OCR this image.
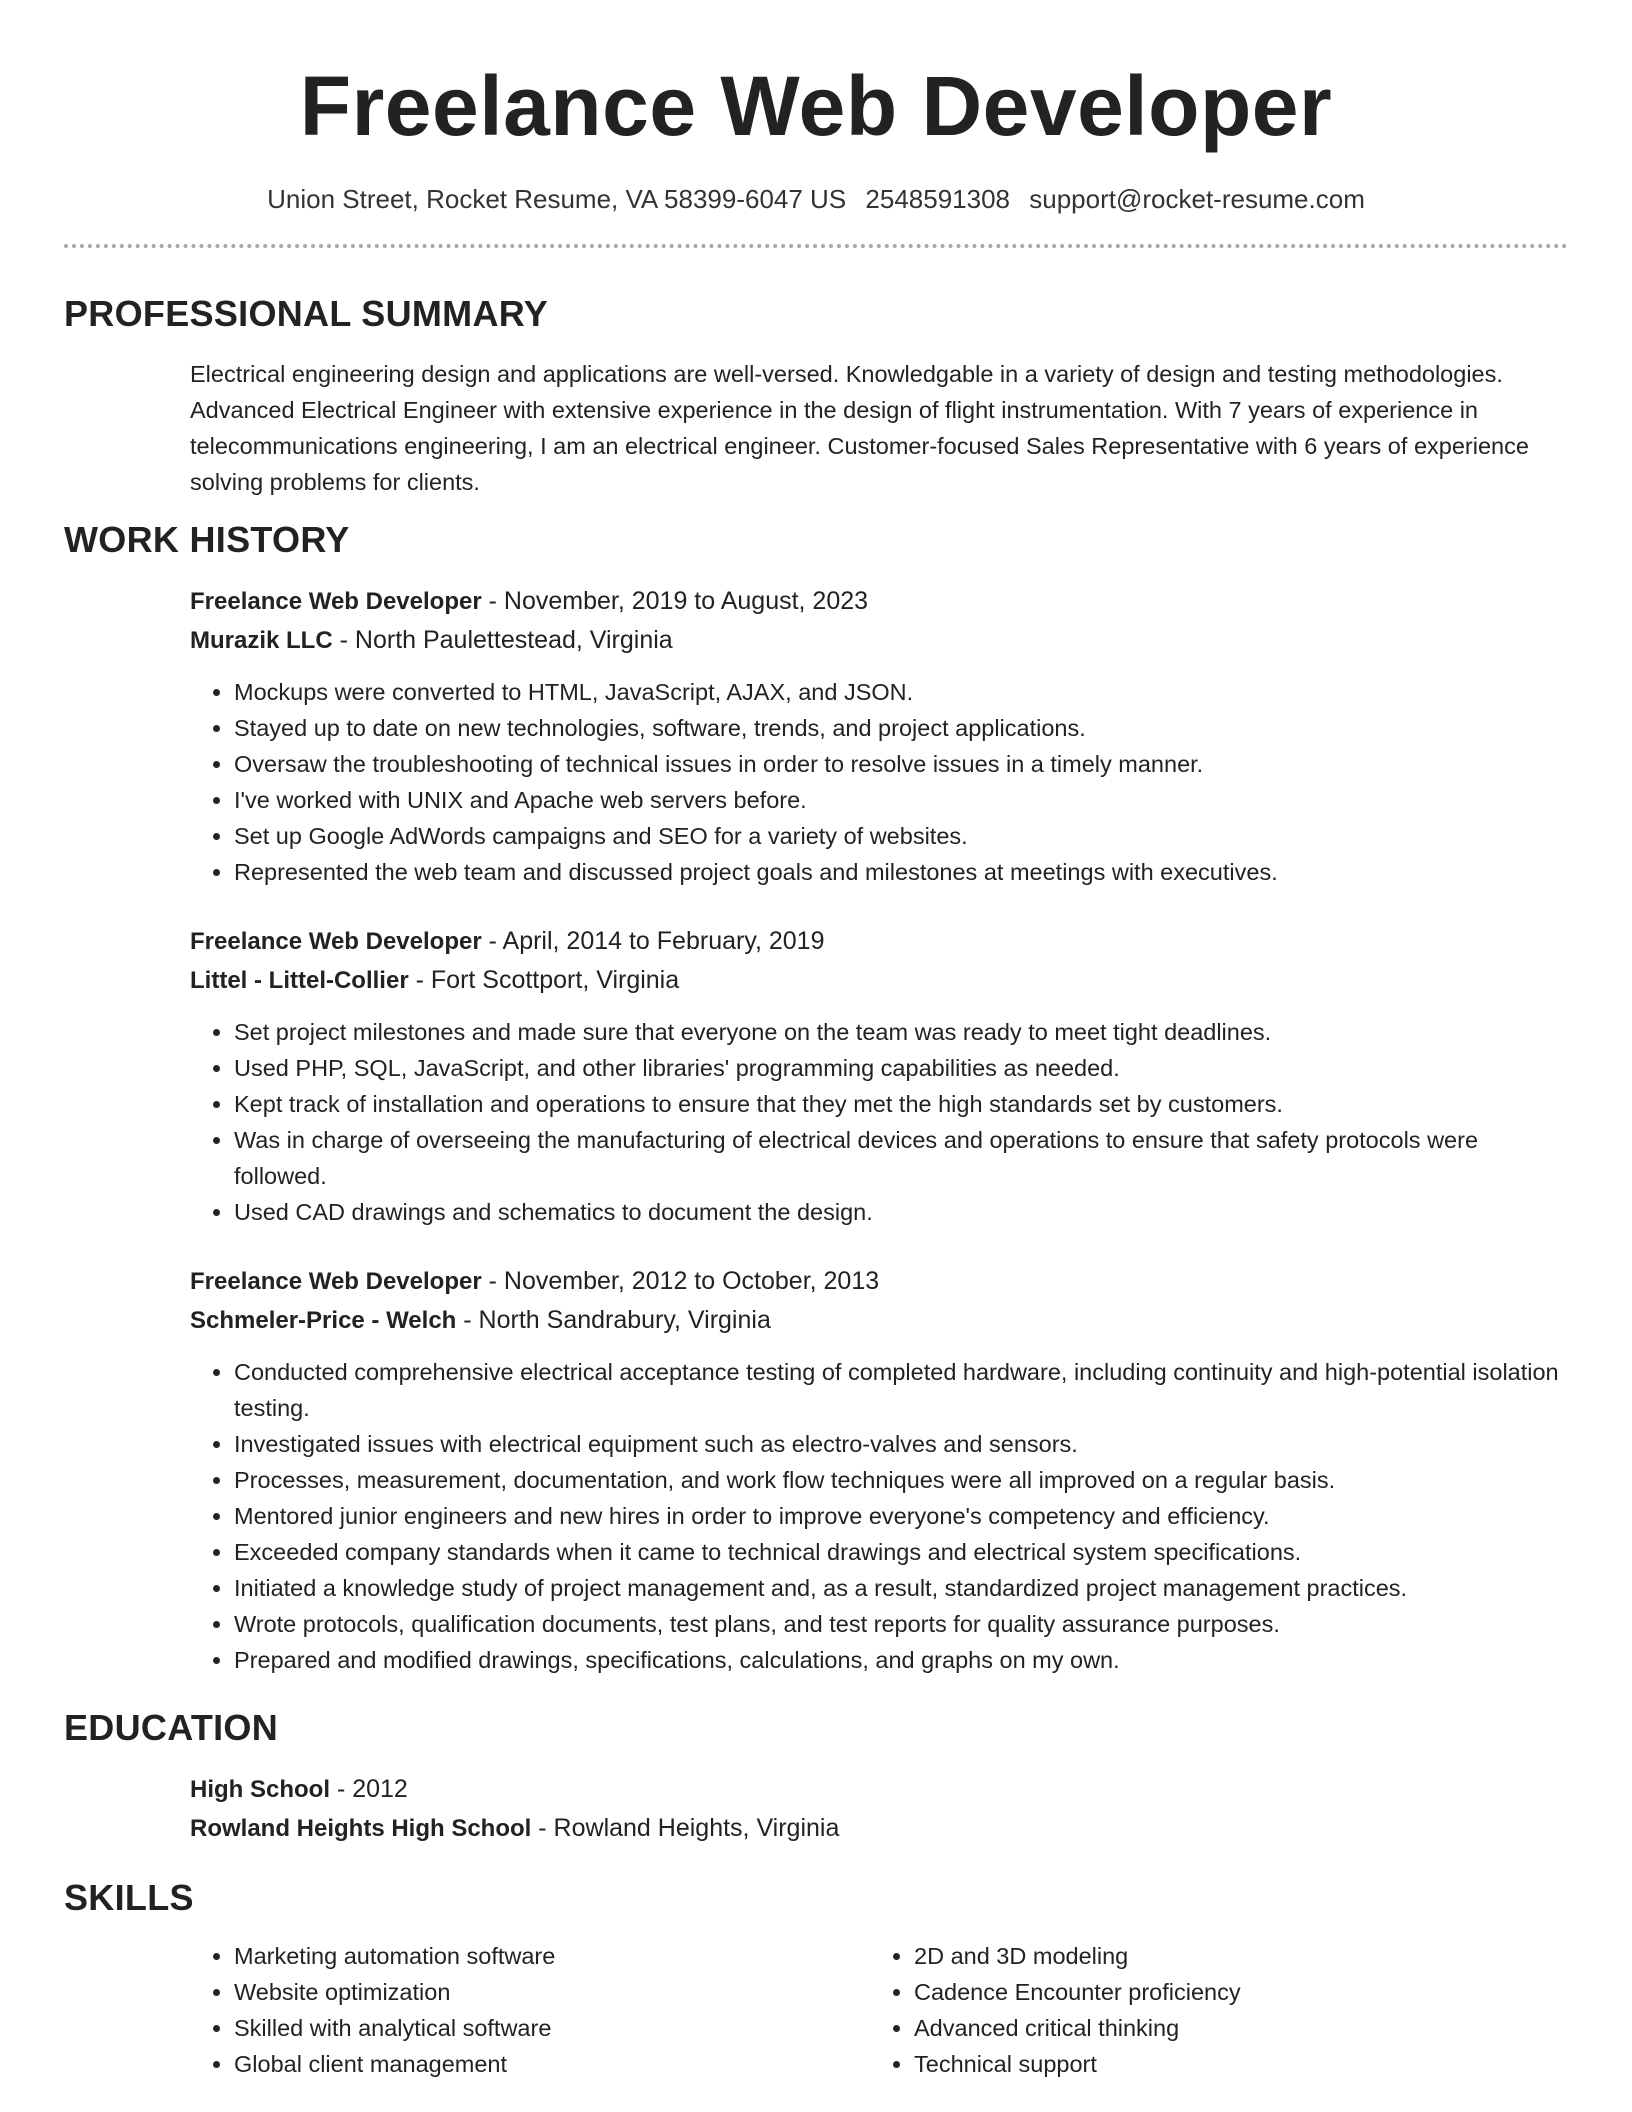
Freelance Web Developer
Union Street, Rocket Resume, VA 58399-6047 US 2548591308 support@rocket-resume.com
PROFESSIONAL SUMMARY

Electrical engineering design and applications are well-versed. Knowledgable in a variety of design and testing methodologies. Advanced Electrical Engineer with extensive experience in the design of flight instrumentation. With 7 years of experience in telecommunications engineering, I am an electrical engineer. Customer-focused Sales Representative with 6 years of experience solving problems for clients.

WORK HISTORY

Freelance Web Developer - November, 2019 to August, 2023

Murazik LLC - North Paulettestead, Virginia

• Mockups were converted to HTML, JavaScript, AJAX, and JSON.
• Stayed up to date on new technologies, software, trends, and project applications.
• Oversaw the troubleshooting of technical issues in order to resolve issues in a timely manner.
• I've worked with UNIX and Apache web servers before.
• Set up Google AdWords campaigns and SEO for a variety of websites.
• Represented the web team and discussed project goals and milestones at meetings with executives.

Freelance Web Developer - April, 2014 to February, 2019

Littel - Littel-Collier - Fort Scottport, Virginia

• Set project milestones and made sure that everyone on the team was ready to meet tight deadlines.
• Used PHP, SQL, JavaScript, and other libraries' programming capabilities as needed.
• Kept track of installation and operations to ensure that they met the high standards set by customers.
• Was in charge of overseeing the manufacturing of electrical devices and operations to ensure that safety protocols were followed.
• Used CAD drawings and schematics to document the design.

Freelance Web Developer - November, 2012 to October, 2013

Schmeler-Price - Welch - North Sandrabury, Virginia

• Conducted comprehensive electrical acceptance testing of completed hardware, including continuity and high-potential isolation testing.
• Investigated issues with electrical equipment such as electro-valves and sensors.
• Processes, measurement, documentation, and work flow techniques were all improved on a regular basis.
• Mentored junior engineers and new hires in order to improve everyone's competency and efficiency.
• Exceeded company standards when it came to technical drawings and electrical system specifications.
• Initiated a knowledge study of project management and, as a result, standardized project management practices.
• Wrote protocols, qualification documents, test plans, and test reports for quality assurance purposes.
• Prepared and modified drawings, specifications, calculations, and graphs on my own.
EDUCATION

High School - 2012

Rowland Heights High School - Rowland Heights, Virginia

SKILLS
• Marketing automation software
• Website optimization
• Skilled with analytical software
• Global client management
• 2D and 3D modeling
• Cadence Encounter proficiency
• Advanced critical thinking
• Technical support
